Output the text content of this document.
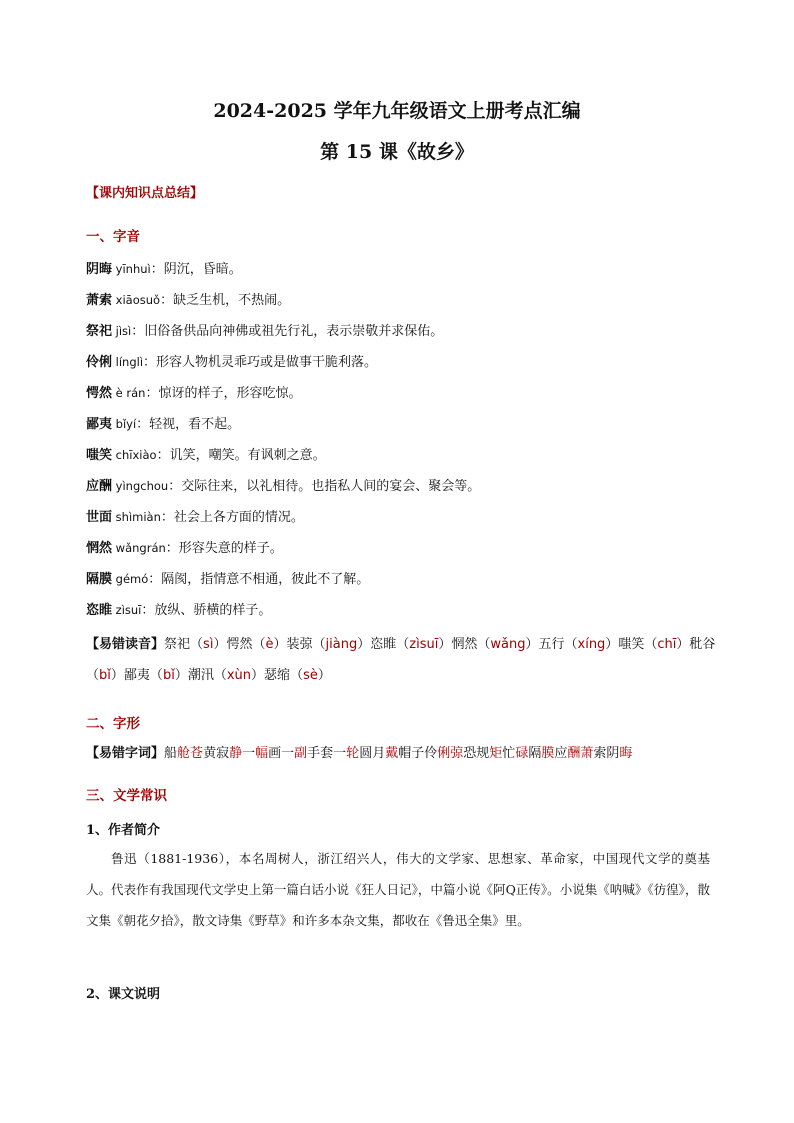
2024-2025 学年九年级语文上册考点汇编
第 15 课《故乡》
【课内知识点总结】
一、字音
阴晦 yīnhuì：阴沉，昏暗。
萧索 xiāosuǒ：缺乏生机，不热闹。
祭祀 jìsì：旧俗备供品向神佛或祖先行礼，表示崇敬并求保佑。
伶俐 línglì：形容人物机灵乖巧或是做事干脆利落。
愕然 è rán：惊讶的样子，形容吃惊。
鄙夷 bǐyí：轻视，看不起。
嗤笑 chīxiào：讥笑，嘲笑。有讽刺之意。
应酬 yìngchou：交际往来，以礼相待。也指私人间的宴会、聚会等。
世面 shìmiàn：社会上各方面的情况。
惘然 wǎngrán：形容失意的样子。
隔膜 gémó：隔阂，指情意不相通，彼此不了解。
恣睢 zìsuī：放纵、骄横的样子。
【易错读音】祭祀（sì）愕然（è）装弶（jiàng）恣睢（zìsuī）惘然（wǎng）五行（xíng）嗤笑（chī）秕谷（bǐ）鄙夷（bǐ）潮汛（xùn）瑟缩（sè）
二、字形
【易错字词】船舱苍黄寂静一幅画一副手套一轮圆月戴帽子伶俐弶恐规矩忙碌隔膜应酬萧索阴晦
三、文学常识
1、作者简介
鲁迅（1881-1936），本名周树人，浙江绍兴人，伟大的文学家、思想家、革命家，中国现代文学的奠基人。代表作有我国现代文学史上第一篇白话小说《狂人日记》，中篇小说《阿Q正传》。小说集《呐喊》《彷徨》，散文集《朝花夕拾》，散文诗集《野草》和许多本杂文集，都收在《鲁迅全集》里。
2、课文说明
